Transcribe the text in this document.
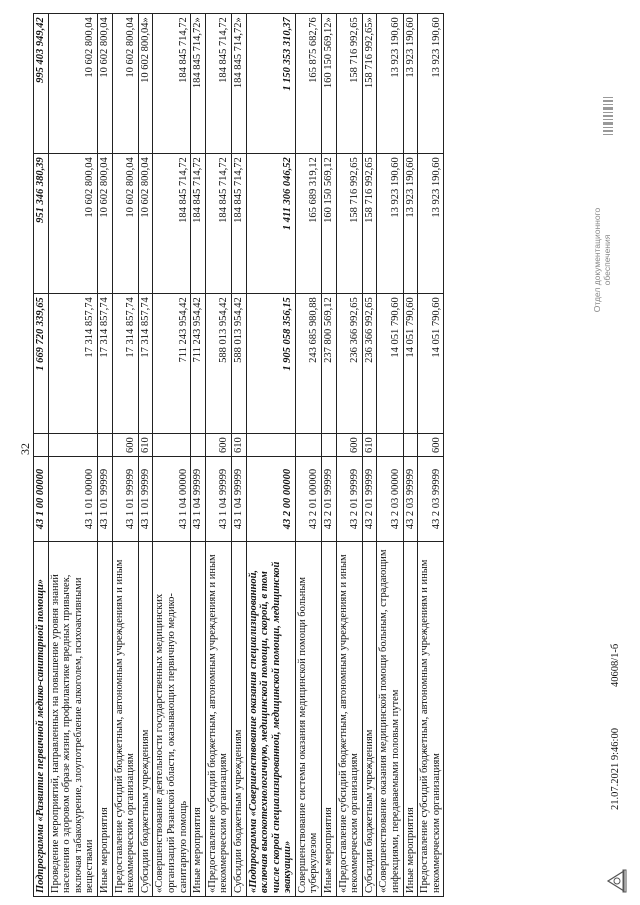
32
Подпрограмма «Развитие первичной медико-санитарной помощи»	43 1 00 00000		1 669 720 339,65	951 346 380,39	995 403 949,42
Проведение мероприятий, направленных на повышение уровня знаний населения о здоровом образе жизни, профилактике вредных привычек, включая табакокурение, злоупотребление алкоголем, психоактивными веществами	43 1 01 00000		17 314 857,74	10 602 800,04	10 602 800,04
Иные мероприятия	43 1 01 99999		17 314 857,74	10 602 800,04	10 602 800,04
Предоставление субсидий бюджетным, автономным учреждениям и иным некоммерческим организациям	43 1 01 99999	600	17 314 857,74	10 602 800,04	10 602 800,04
Субсидии бюджетным учреждениям	43 1 01 99999	610	17 314 857,74	10 602 800,04	10 602 800,04»
«Совершенствование деятельности государственных медицинских организаций Рязанской области, оказывающих первичную медико-санитарную помощь	43 1 04 00000		711 243 954,42	184 845 714,72	184 845 714,72
Иные мероприятия	43 1 04 99999		711 243 954,42	184 845 714,72	184 845 714,72»
«Предоставление субсидий бюджетным, автономным учреждениям и иным некоммерческим организациям	43 1 04 99999	600	588 013 954,42	184 845 714,72	184 845 714,72
Субсидии бюджетным учреждениям	43 1 04 99999	610	588 013 954,42	184 845 714,72	184 845 714,72»
«Подпрограмма «Совершенствование оказания специализированной, включая высокотехнологичную, медицинской помощи, скорой, в том числе скорой специализированной, медицинской помощи, медицинской эвакуации»	43 2 00 00000		1 905 058 356,15	1 411 306 046,52	1 150 353 310,37
Совершенствование системы оказания медицинской помощи больным туберкулезом	43 2 01 00000		243 685 980,88	165 689 319,12	165 875 682,76
Иные мероприятия	43 2 01 99999		237 800 569,12	160 150 569,12	160 150 569,12»
«Предоставление субсидий бюджетным, автономным учреждениям и иным некоммерческим организациям	43 2 01 99999	600	236 366 992,65	158 716 992,65	158 716 992,65
Субсидии бюджетным учреждениям	43 2 01 99999	610	236 366 992,65	158 716 992,65	158 716 992,65»
«Совершенствование оказания медицинской помощи больным, страдающим инфекциями, передаваемыми половым путем	43 2 03 00000		14 051 790,60	13 923 190,60	13 923 190,60
Иные мероприятия	43 2 03 99999		14 051 790,60	13 923 190,60	13 923 190,60
Предоставление субсидий бюджетным, автономным учреждениям и иным некоммерческим организациям	43 2 03 99999	600	14 051 790,60	13 923 190,60	13 923 190,60
21.07.2021 9:46:00
40608/1-б
Отдел документационного обеспечения
